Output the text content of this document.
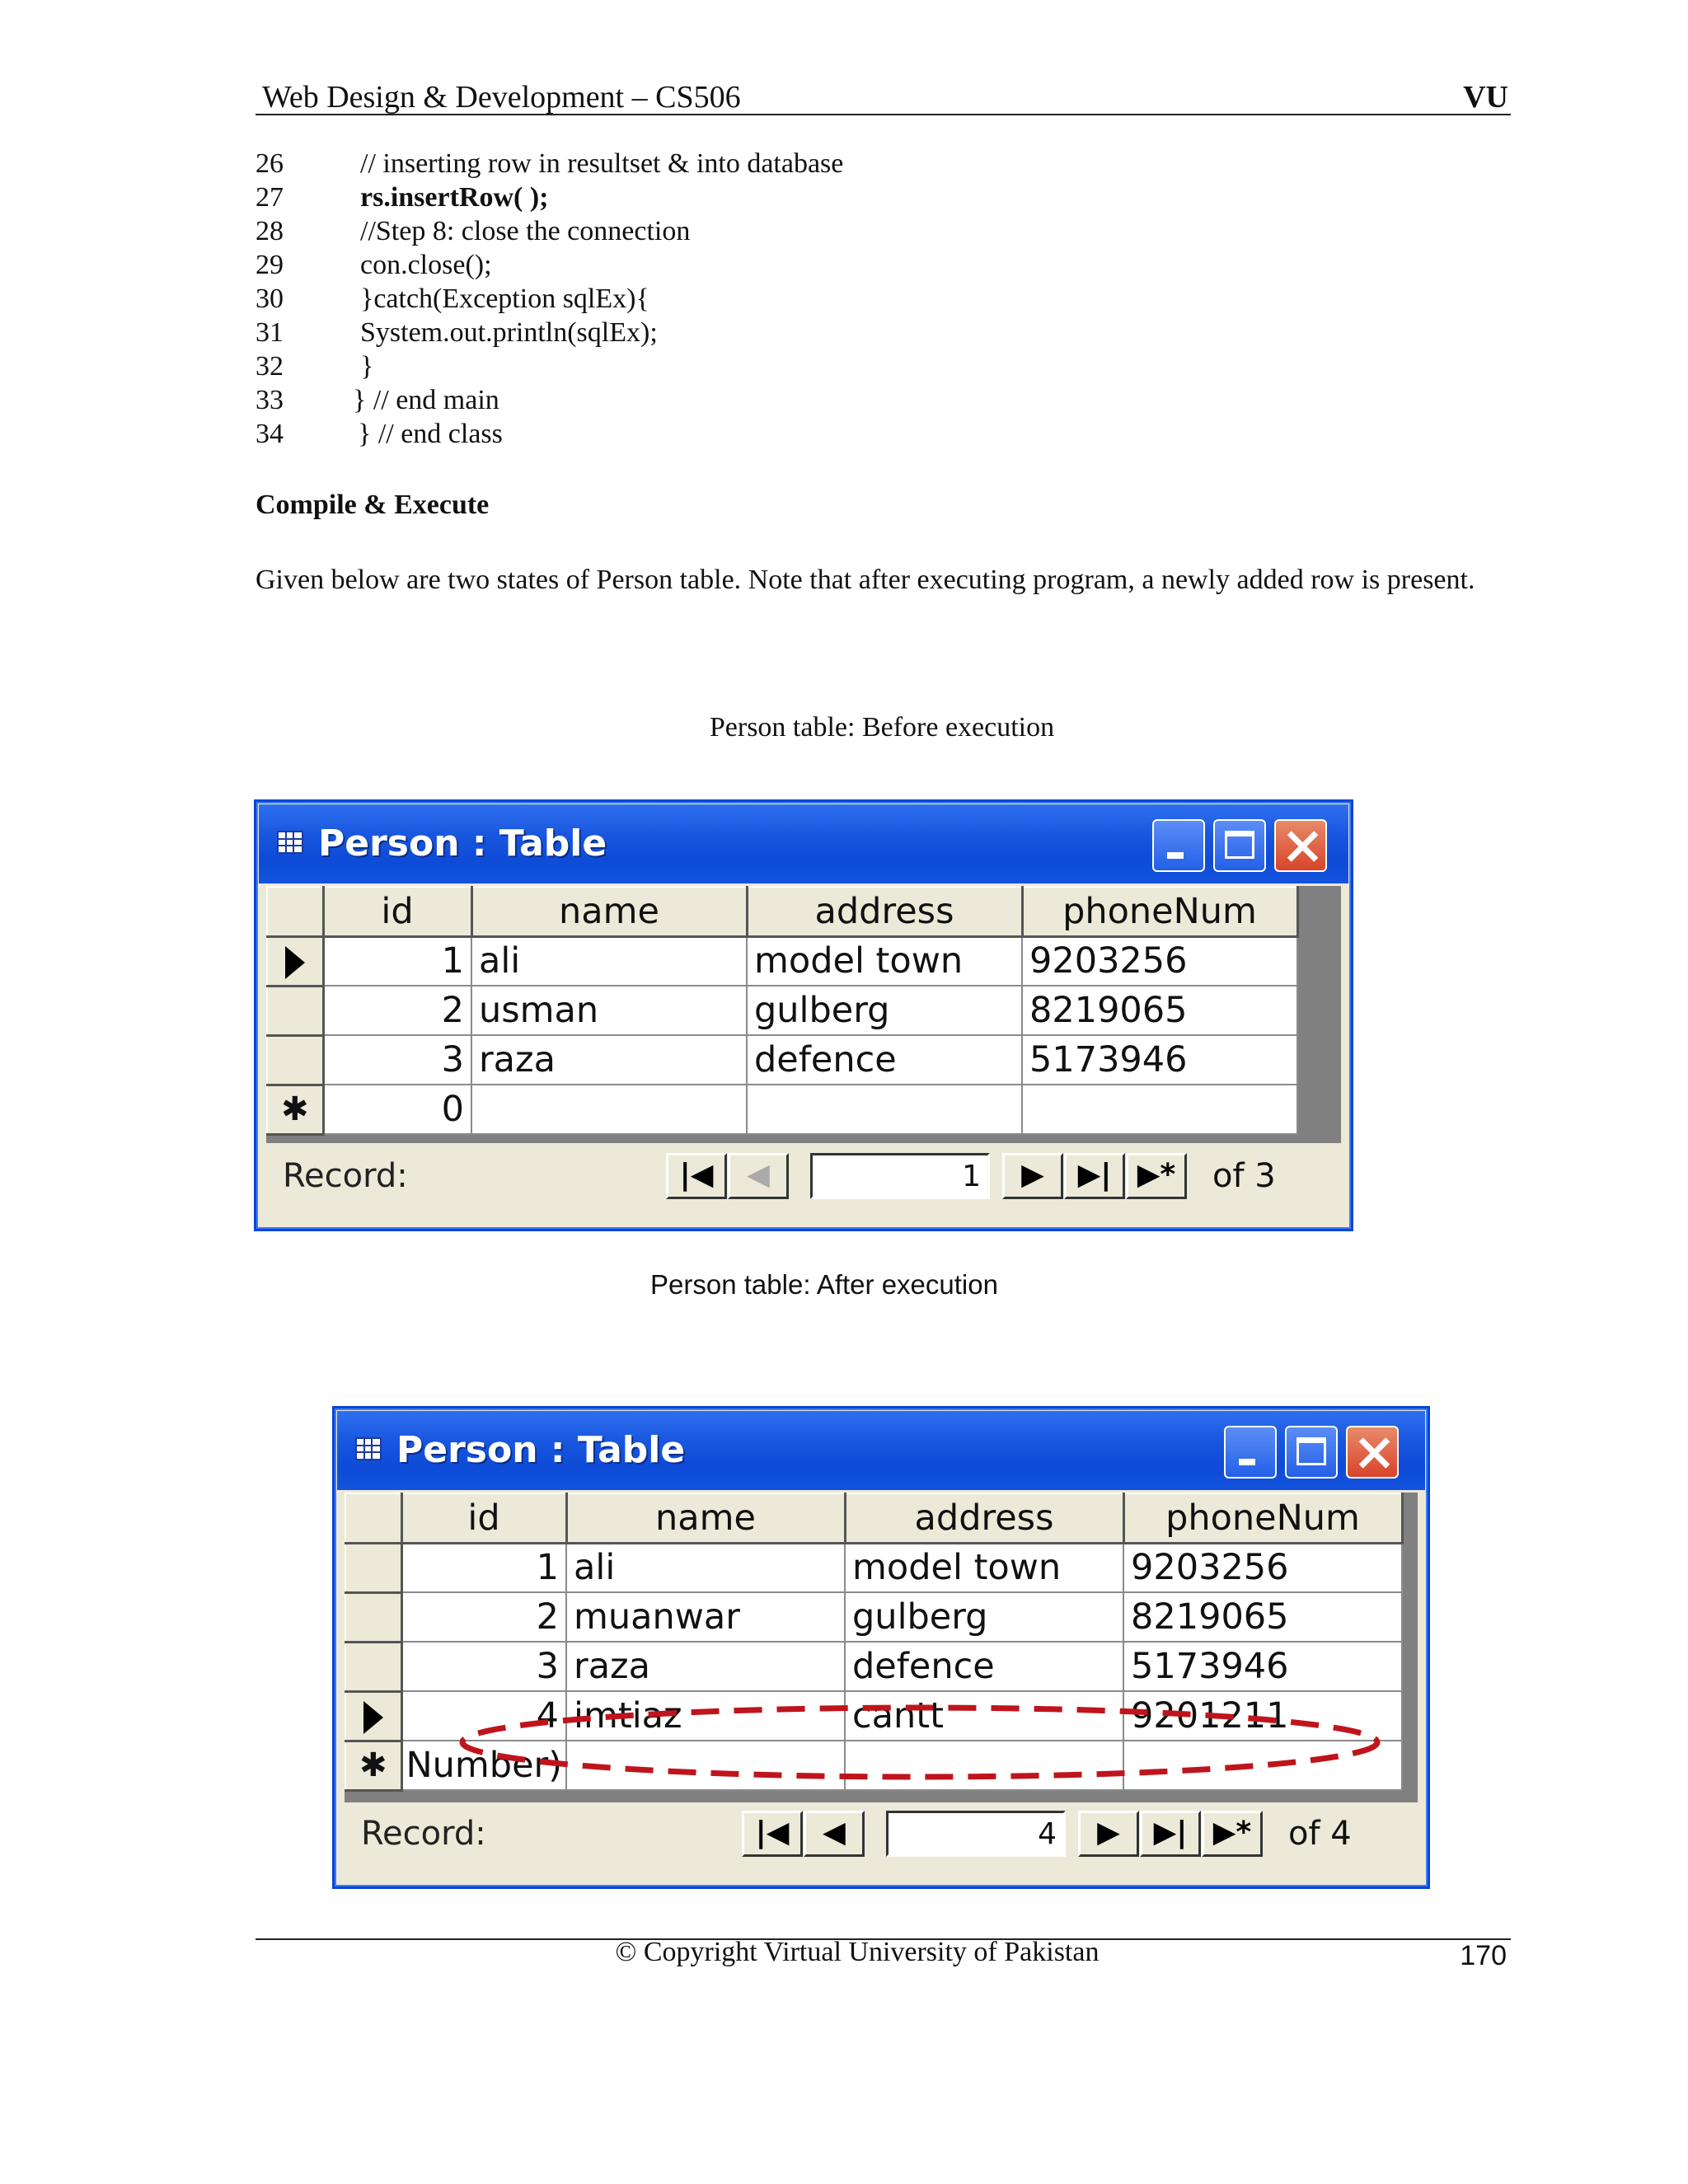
Web Design & Development – CS506	VU
26	// inserting row in resultset & into database
27	rs.insertRow( );
28	//Step 8: close the connection
29	con.close();
30	}catch(Exception sqlEx){
31	System.out.println(sqlEx);
32	}
33 } // end main
34	} // end class
Compile & Execute
Given below are two states of Person table. Note that after executing program, a newly added row is present.
Person table: Before execution
Person : Table
	id	name	address	phoneNum
	1	ali	model town	9203256
	2	usman	gulberg	8219065
	3	raza	defence	5173946
✱	0			
Record:	|◀	◀	1	▶	▶| ▶*	of 3
Person table: After execution
Person : Table
	id	name	address	phoneNum
	1	ali	model town	9203256
	2	muanwar	gulberg	8219065
	3	raza	defence	5173946
	4	imtiaz	cantt	9201211
✱	Number)			
Record:	|◀	◀	4	▶	▶| ▶*	of 4
© Copyright Virtual University of Pakistan	170
